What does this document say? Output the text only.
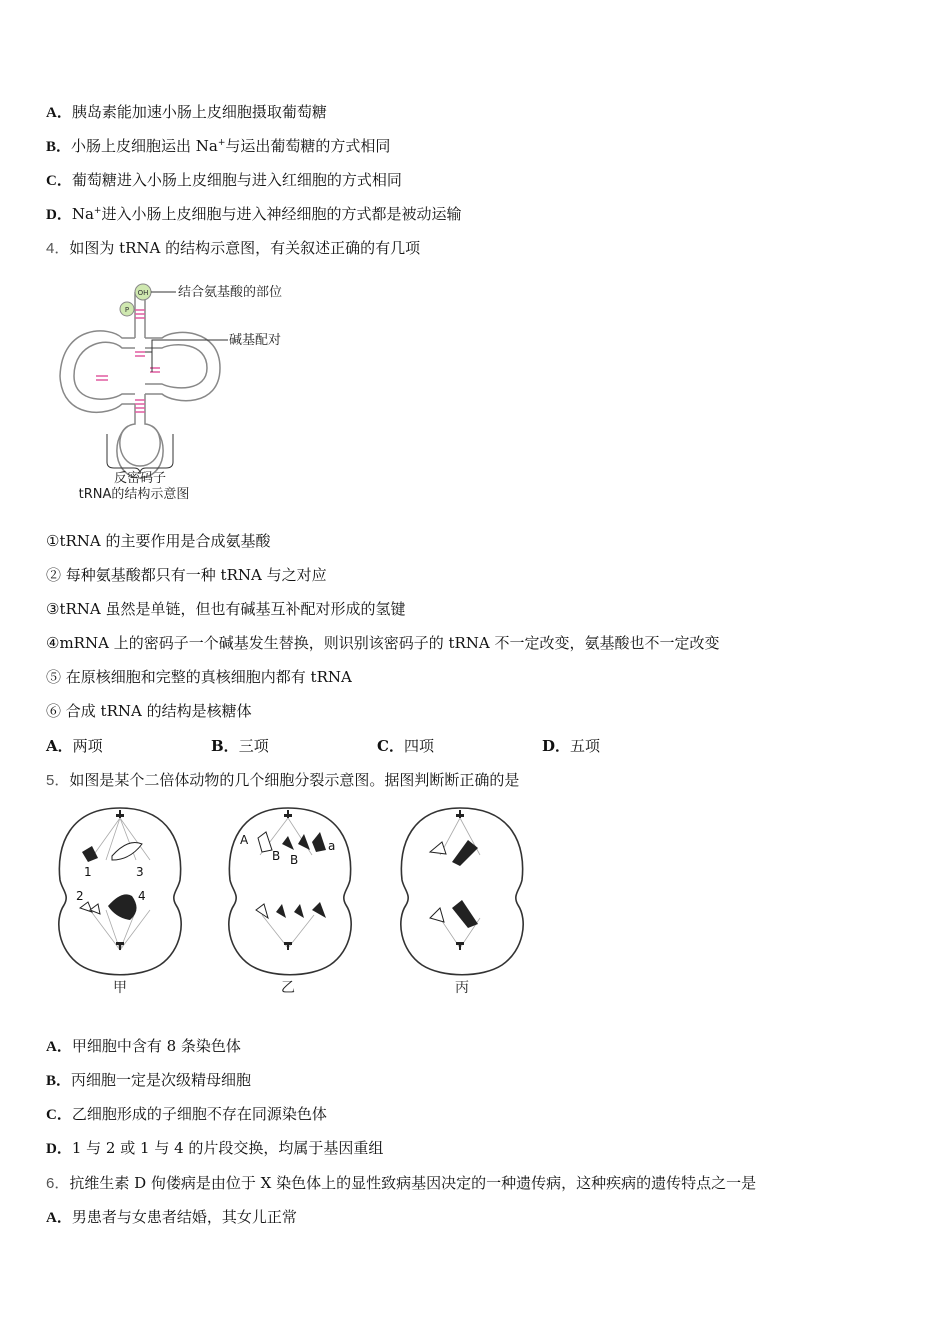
A．胰岛素能加速小肠上皮细胞摄取葡萄糖
B．小肠上皮细胞运出 Na+与运出葡萄糖的方式相同
C．葡萄糖进入小肠上皮细胞与进入红细胞的方式相同
D．Na+进入小肠上皮细胞与进入神经细胞的方式都是被动运输
4．如图为 tRNA 的结构示意图，有关叙述正确的有几项
OH
P
结合氨基酸的部位
碱基配对
反密码子
tRNA的结构示意图
①tRNA 的主要作用是合成氨基酸
② 每种氨基酸都只有一种 tRNA 与之对应
③tRNA 虽然是单链，但也有碱基互补配对形成的氢键
④mRNA 上的密码子一个碱基发生替换，则识别该密码子的 tRNA 不一定改变，氨基酸也不一定改变
⑤ 在原核细胞和完整的真核细胞内都有 tRNA
⑥ 合成 tRNA 的结构是核糖体
A．两项	B．三项	C．四项	D．五项
5．如图是某个二倍体动物的几个细胞分裂示意图。据图判断断正确的是
1
2
3
4
A
B B
a
甲	乙	丙
A．甲细胞中含有 8 条染色体
B．丙细胞一定是次级精母细胞
C．乙细胞形成的子细胞不存在同源染色体
D．1 与 2 或 1 与 4 的片段交换，均属于基因重组
6．抗维生素 D 佝偻病是由位于 X 染色体上的显性致病基因决定的一种遗传病，这种疾病的遗传特点之一是
A．男患者与女患者结婚，其女儿正常
